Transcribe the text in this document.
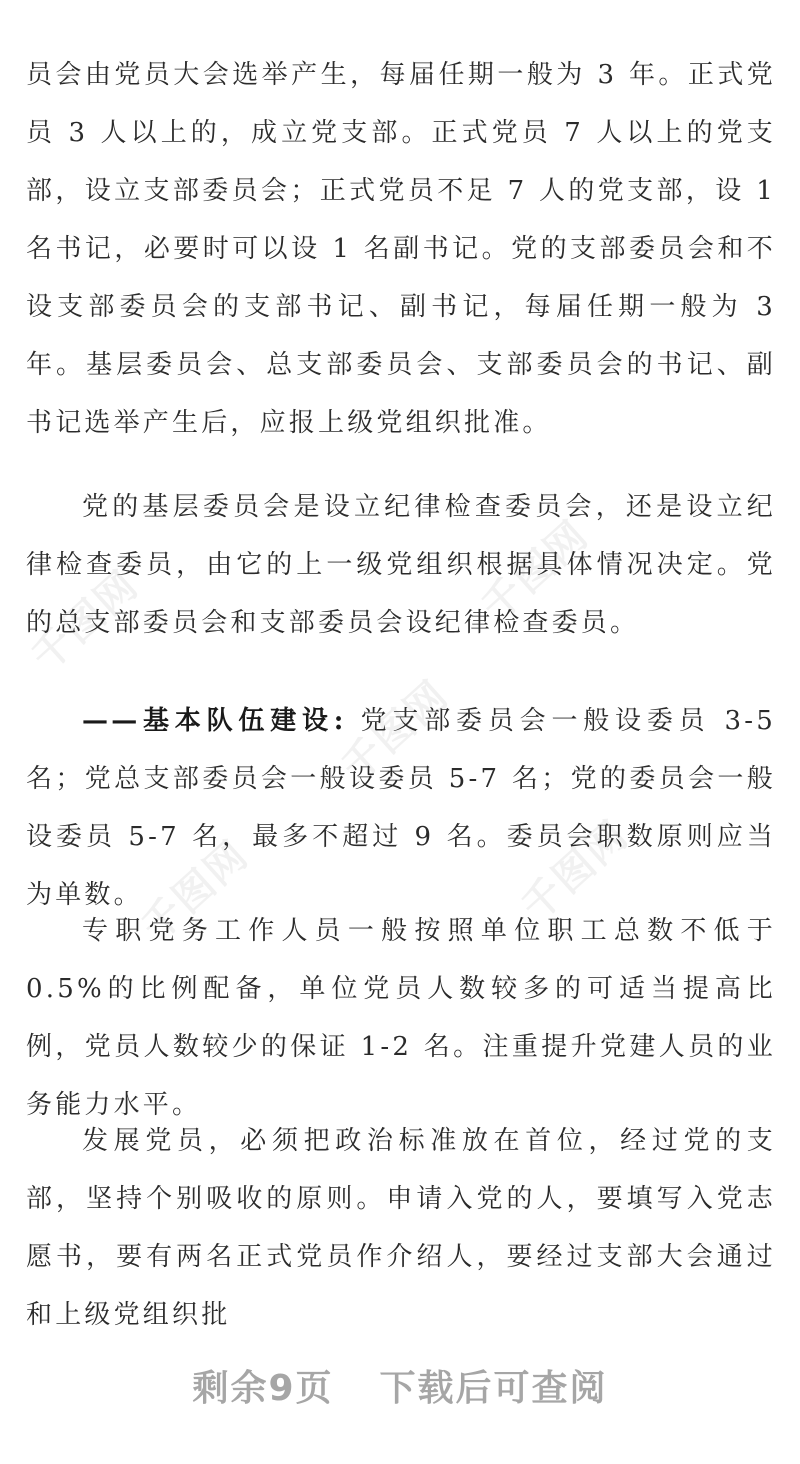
千图网
千图网
千图网	千图网
千图网

员会由党员大会选举产生，每届任期一般为 3 年。正式党员 3 人以上的，成立党支部。正式党员 7 人以上的党支部，设立支部委员会；正式党员不足 7 人的党支部，设 1 名书记，必要时可以设 1 名副书记。党的支部委员会和不设支部委员会的支部书记、副书记，每届任期一般为 3 年。基层委员会、总支部委员会、支部委员会的书记、副书记选举产生后，应报上级党组织批准。

党的基层委员会是设立纪律检查委员会，还是设立纪律检查委员，由它的上一级党组织根据具体情况决定。党的总支部委员会和支部委员会设纪律检查委员。

——基本队伍建设: 党支部委员会一般设委员 3-5 名；党总支部委员会一般设委员 5-7 名；党的委员会一般设委员 5-7 名，最多不超过 9 名。委员会职数原则应当为单数。

专职党务工作人员一般按照单位职工总数不低于 0.5%的比例配备，单位党员人数较多的可适当提高比例，党员人数较少的保证 1-2 名。注重提升党建人员的业务能力水平。

发展党员，必须把政治标准放在首位，经过党的支部，坚持个别吸收的原则。申请入党的人，要填写入党志愿书，要有两名正式党员作介绍人，要经过支部大会通过和上级党组织批

剩余9页 下载后可查阅
